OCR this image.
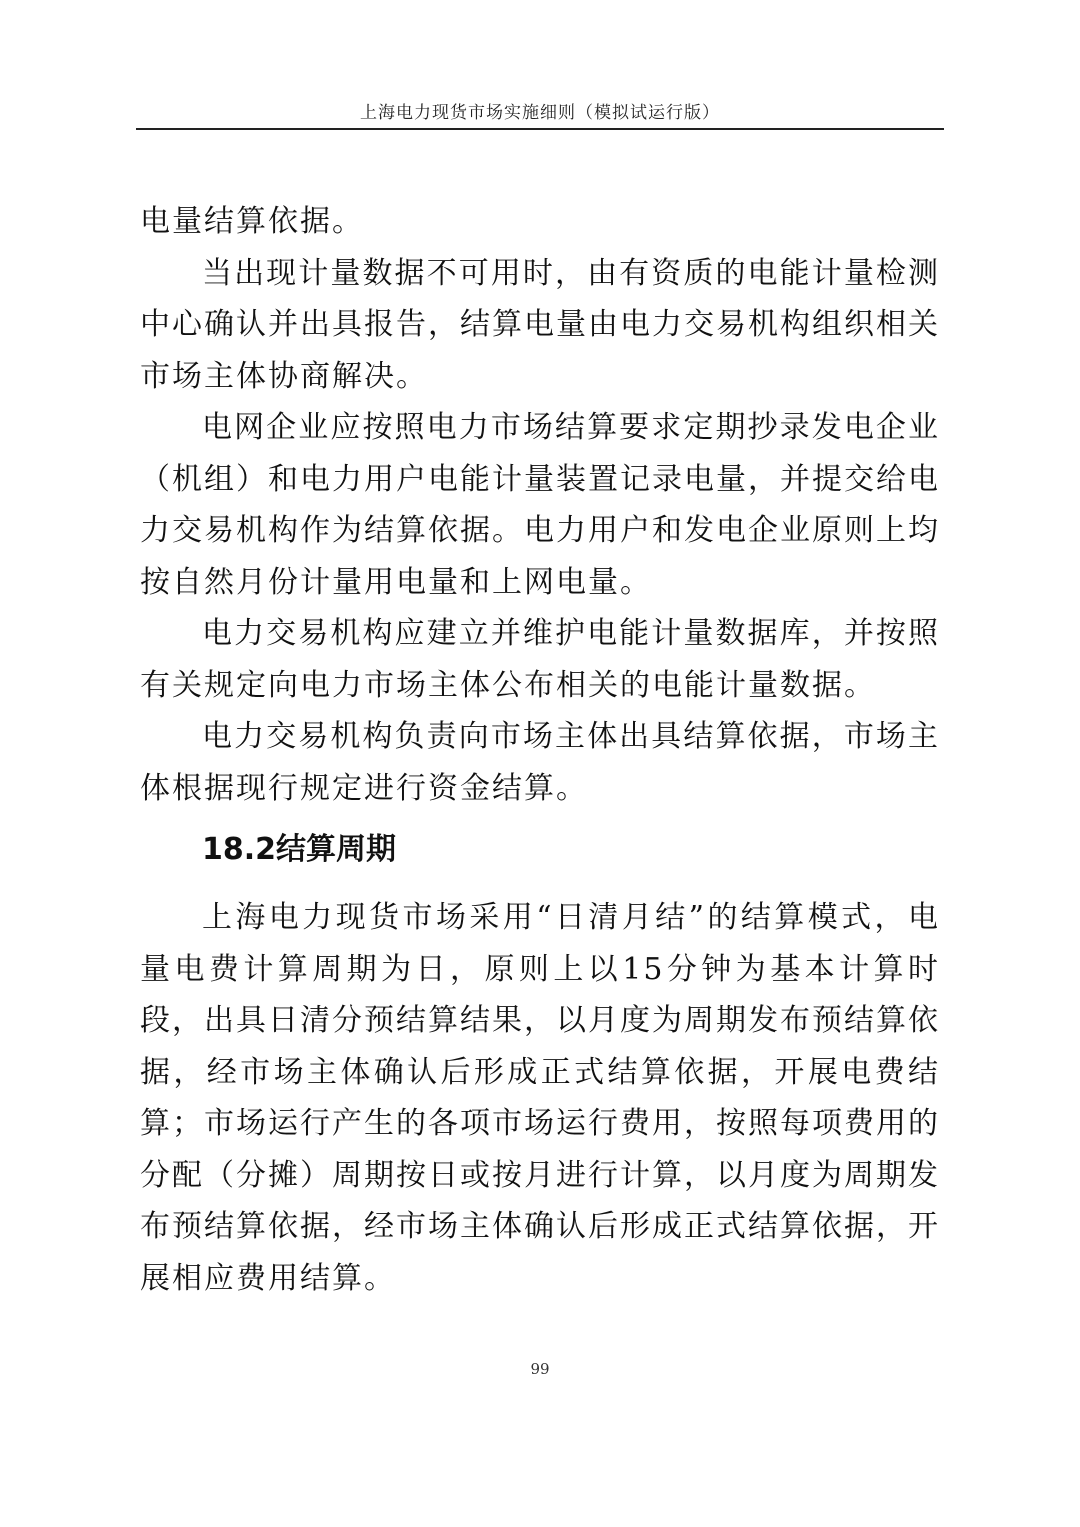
上海电力现货市场实施细则（模拟试运行版）

电量结算依据。

当出现计量数据不可用时，由有资质的电能计量检测中心确认并出具报告，结算电量由电力交易机构组织相关市场主体协商解决。

电网企业应按照电力市场结算要求定期抄录发电企业（机组）和电力用户电能计量装置记录电量，并提交给电力交易机构作为结算依据。电力用户和发电企业原则上均按自然月份计量用电量和上网电量。

电力交易机构应建立并维护电能计量数据库，并按照有关规定向电力市场主体公布相关的电能计量数据。

电力交易机构负责向市场主体出具结算依据，市场主体根据现行规定进行资金结算。

18.2结算周期

上海电力现货市场采用“日清月结”的结算模式，电量电费计算周期为日，原则上以15分钟为基本计算时段，出具日清分预结算结果，以月度为周期发布预结算依据，经市场主体确认后形成正式结算依据，开展电费结算；市场运行产生的各项市场运行费用，按照每项费用的分配（分摊）周期按日或按月进行计算，以月度为周期发布预结算依据，经市场主体确认后形成正式结算依据，开展相应费用结算。

99
